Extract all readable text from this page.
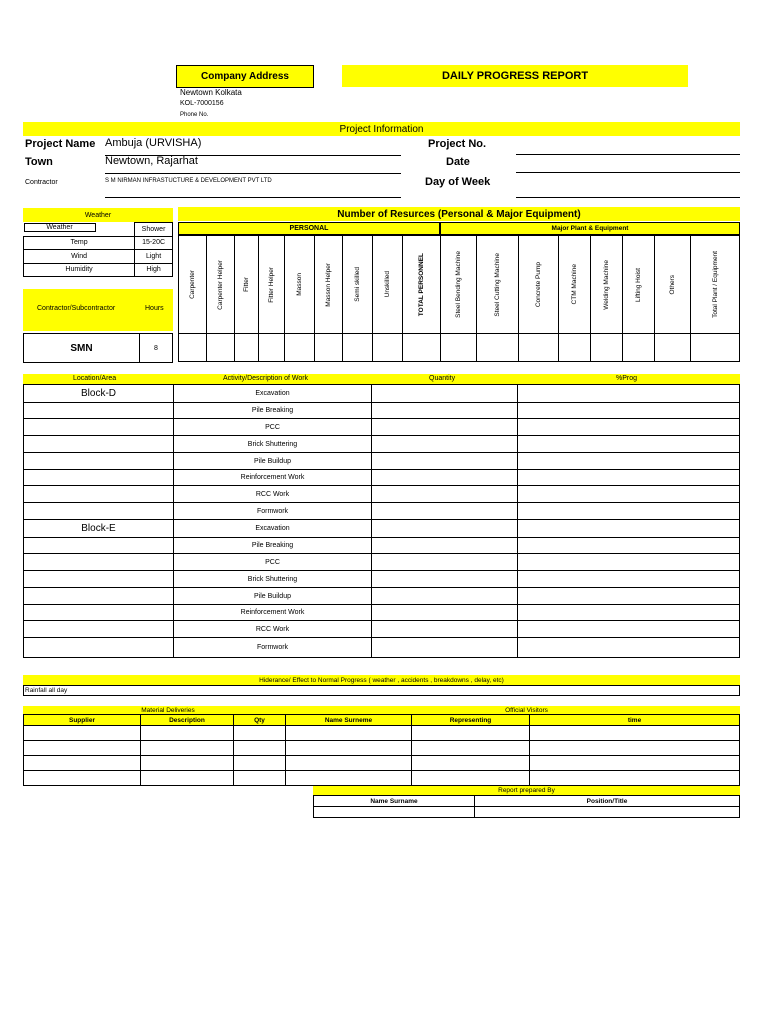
Company Address	DAILY PROGRESS REPORT
Newtown Kolkata
KOL-7000156
Phone No.
Project Information
Project Name Ambuja (URVISHA)
Town	Newtown, Rajarhat
Contractor	S M NIRMAN INFRASTUCTURE & DEVELOPMENT PVT LTD
Project No.
Date
Day of Week
Weather
Weather	Shower
Temp	15-20C
Wind	Light
Humidity	High
Contractor/Subcontractor	Hours
SMN	8
Number of Resurces (Personal & Major Equipment)
PERSONAL	Major Plant & Equipment
Carpenter	Carpenter Helper	Fitter	Fitter Helper	Masson	Masson Helper	Semi skilled	Unskilled	TOTAL PERSONNEL	Steel Bending Machine	Steel Cutting Machine	Concrete Pump	CTM Machine	Welding Machine	Lifting Hoist	Others	Total Plant / Equipment

Location/Area	Activity/Description of Work	Quantity	%Prog
Block-D	Excavation		
	Pile Breaking		
	PCC		
	Brick Shuttering		
	Pile Buildup		
	Reinforcement Work		
	RCC Work		
	Formwork		
Block-E	Excavation		
	Pile Breaking		
	PCC		
	Brick Shuttering		
	Pile Buildup		
	Reinforcement Work		
	RCC Work		
	Formwork		
Hiderance/ Effect to Normal Progress ( weather , accidents , breakdowns , delay, etc)
Rainfall all day
Material Deliveries	Official Visitors
Supplier	Description	Qty	Name Surneme	Representing	time

Report prepared By
Name Surname	Position/Title
